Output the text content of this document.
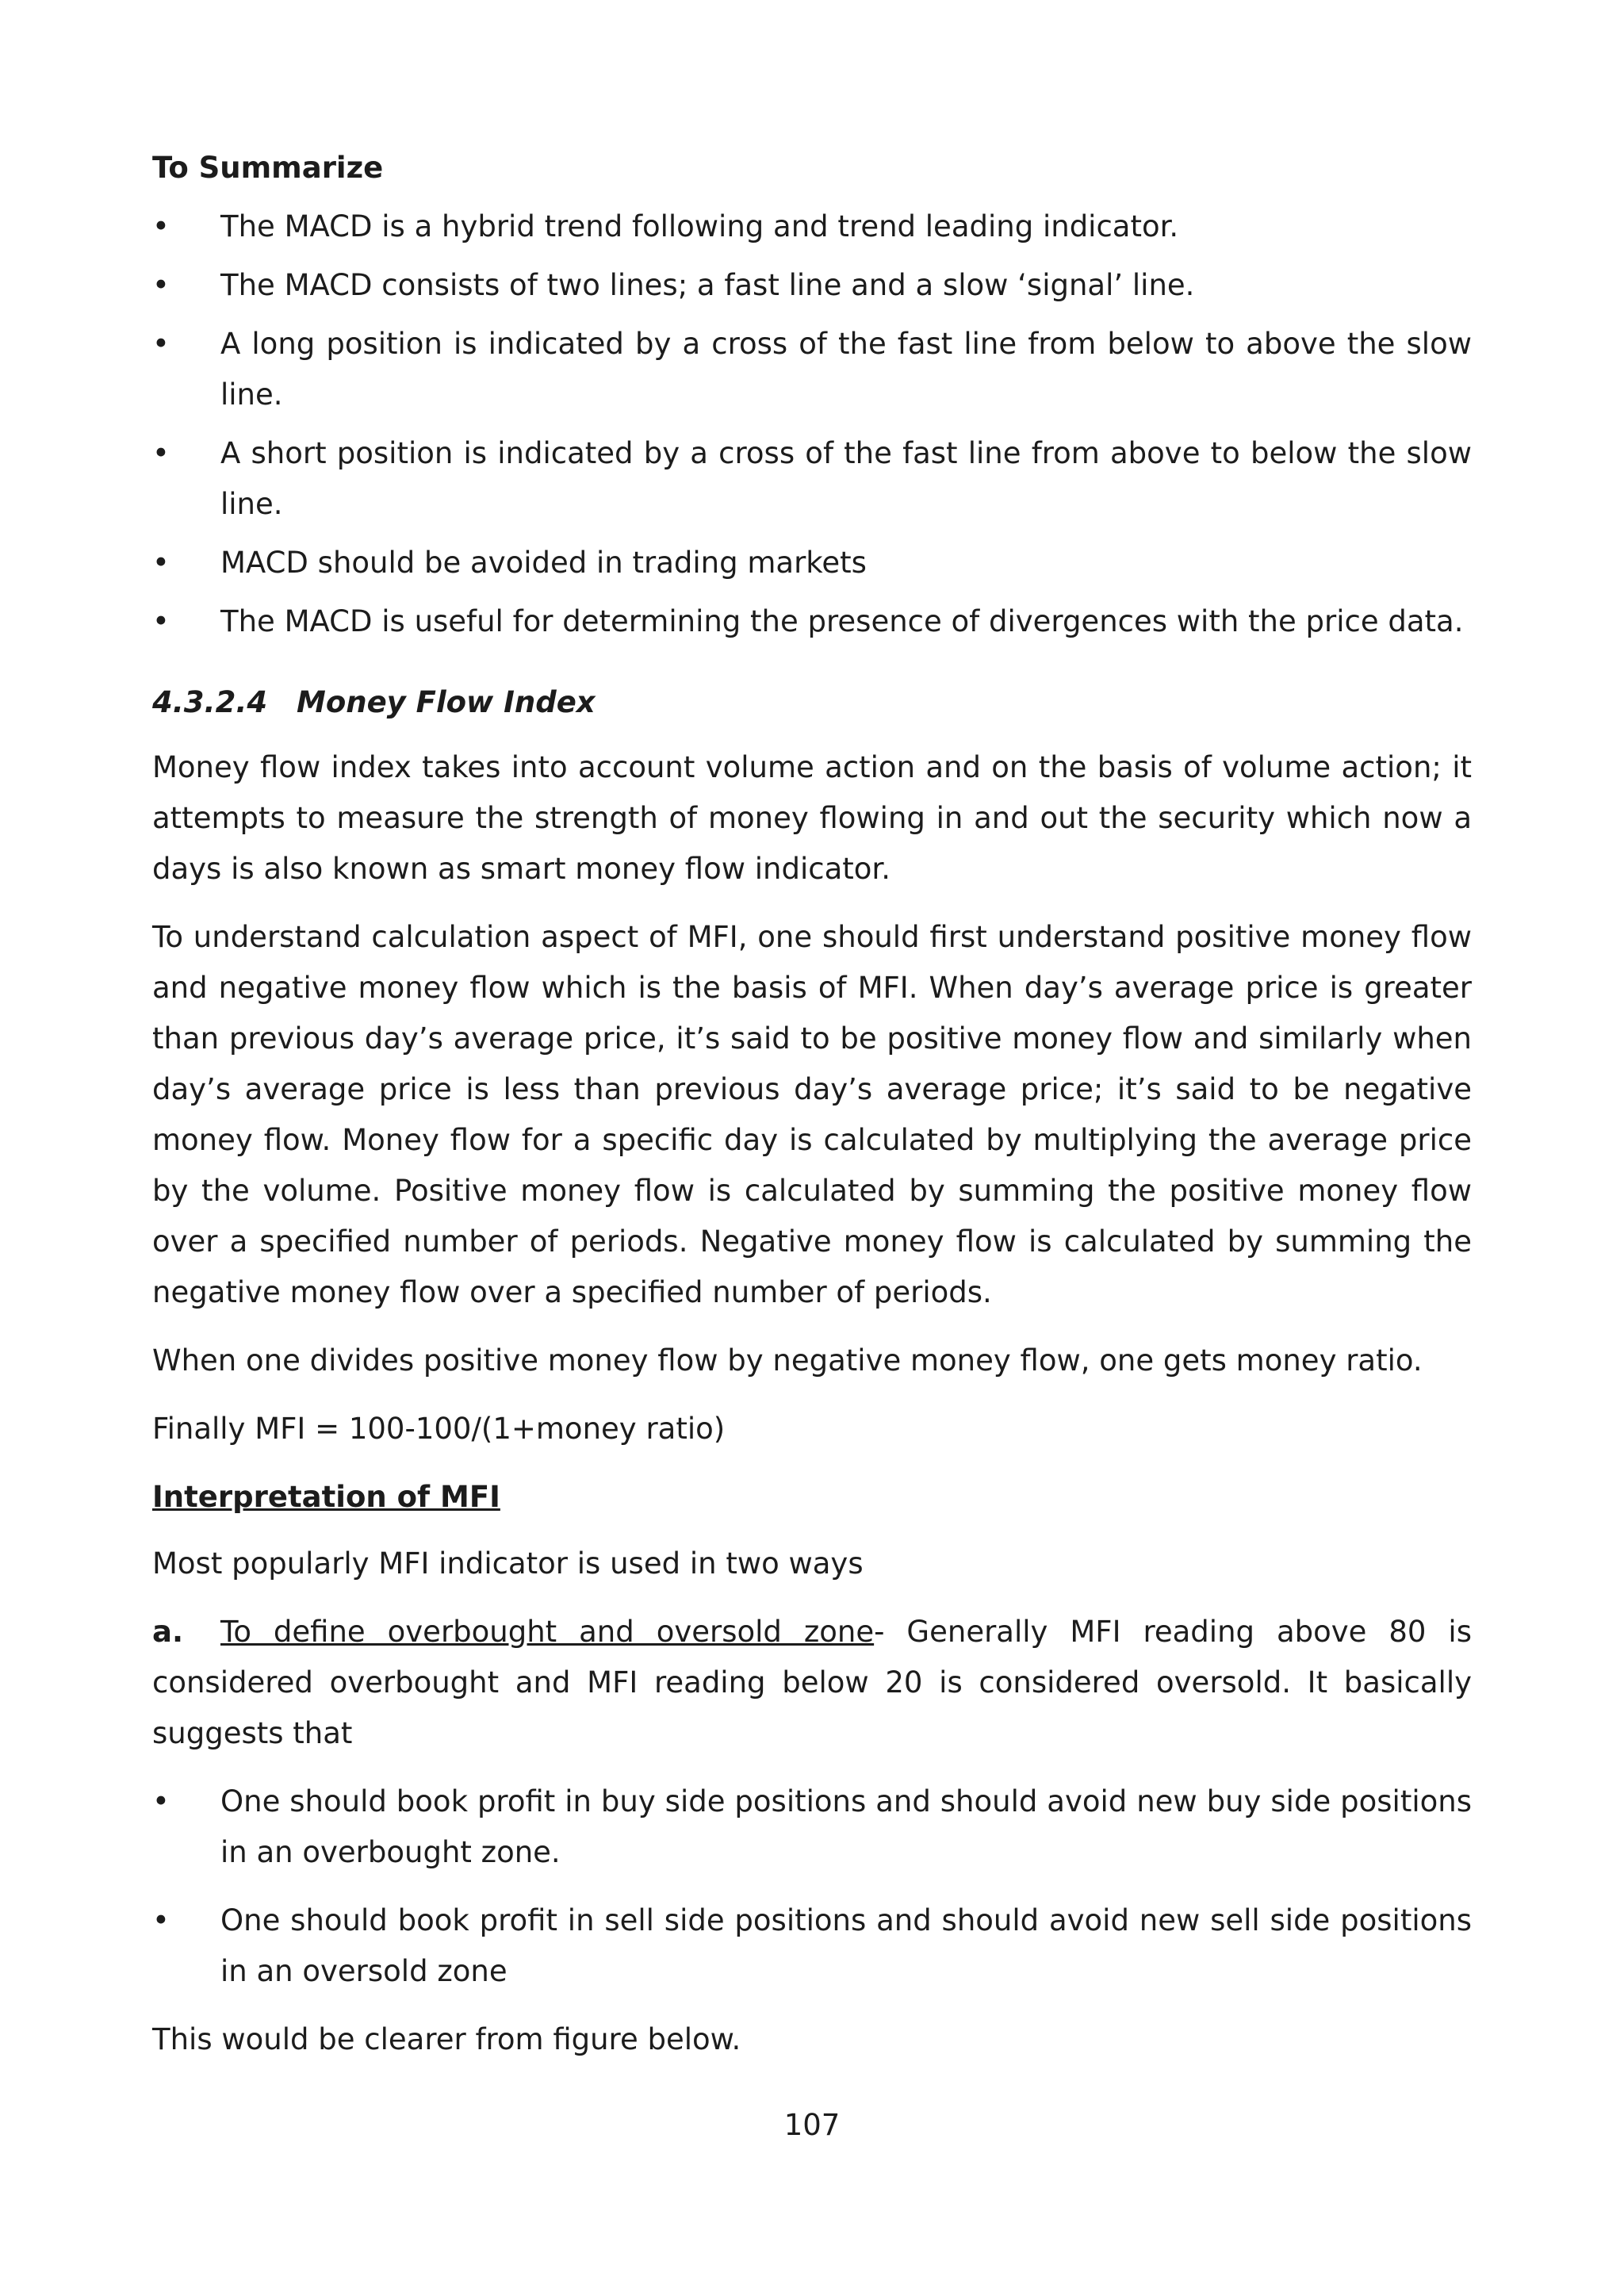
To Summarize
• The MACD is a hybrid trend following and trend leading indicator.
• The MACD consists of two lines; a fast line and a slow ‘signal’ line.
• A long position is indicated by a cross of the fast line from below to above the slow line.
• A short position is indicated by a cross of the fast line from above to below the slow line.
• MACD should be avoided in trading markets
• The MACD is useful for determining the presence of divergences with the price data.
4.3.2.4 Money Flow Index

Money flow index takes into account volume action and on the basis of volume action; it attempts to measure the strength of money flowing in and out the security which now a days is also known as smart money flow indicator.

To understand calculation aspect of MFI, one should first understand positive money flow and negative money flow which is the basis of MFI. When day’s average price is greater than previous day’s average price, it’s said to be positive money flow and similarly when day’s average price is less than previous day’s average price; it’s said to be negative money flow. Money flow for a specific day is calculated by multiplying the average price by the volume. Positive money flow is calculated by summing the positive money flow over a specified number of periods. Negative money flow is calculated by summing the negative money flow over a specified number of periods.

When one divides positive money flow by negative money flow, one gets money ratio.

Finally MFI = 100-100/(1+money ratio)

Interpretation of MFI

Most popularly MFI indicator is used in two ways

a. To define overbought and oversold zone- Generally MFI reading above 80 is considered overbought and MFI reading below 20 is considered oversold. It basically suggests that

• One should book profit in buy side positions and should avoid new buy side positions in an overbought zone.
• One should book profit in sell side positions and should avoid new sell side positions in an oversold zone

This would be clearer from figure below.

107
